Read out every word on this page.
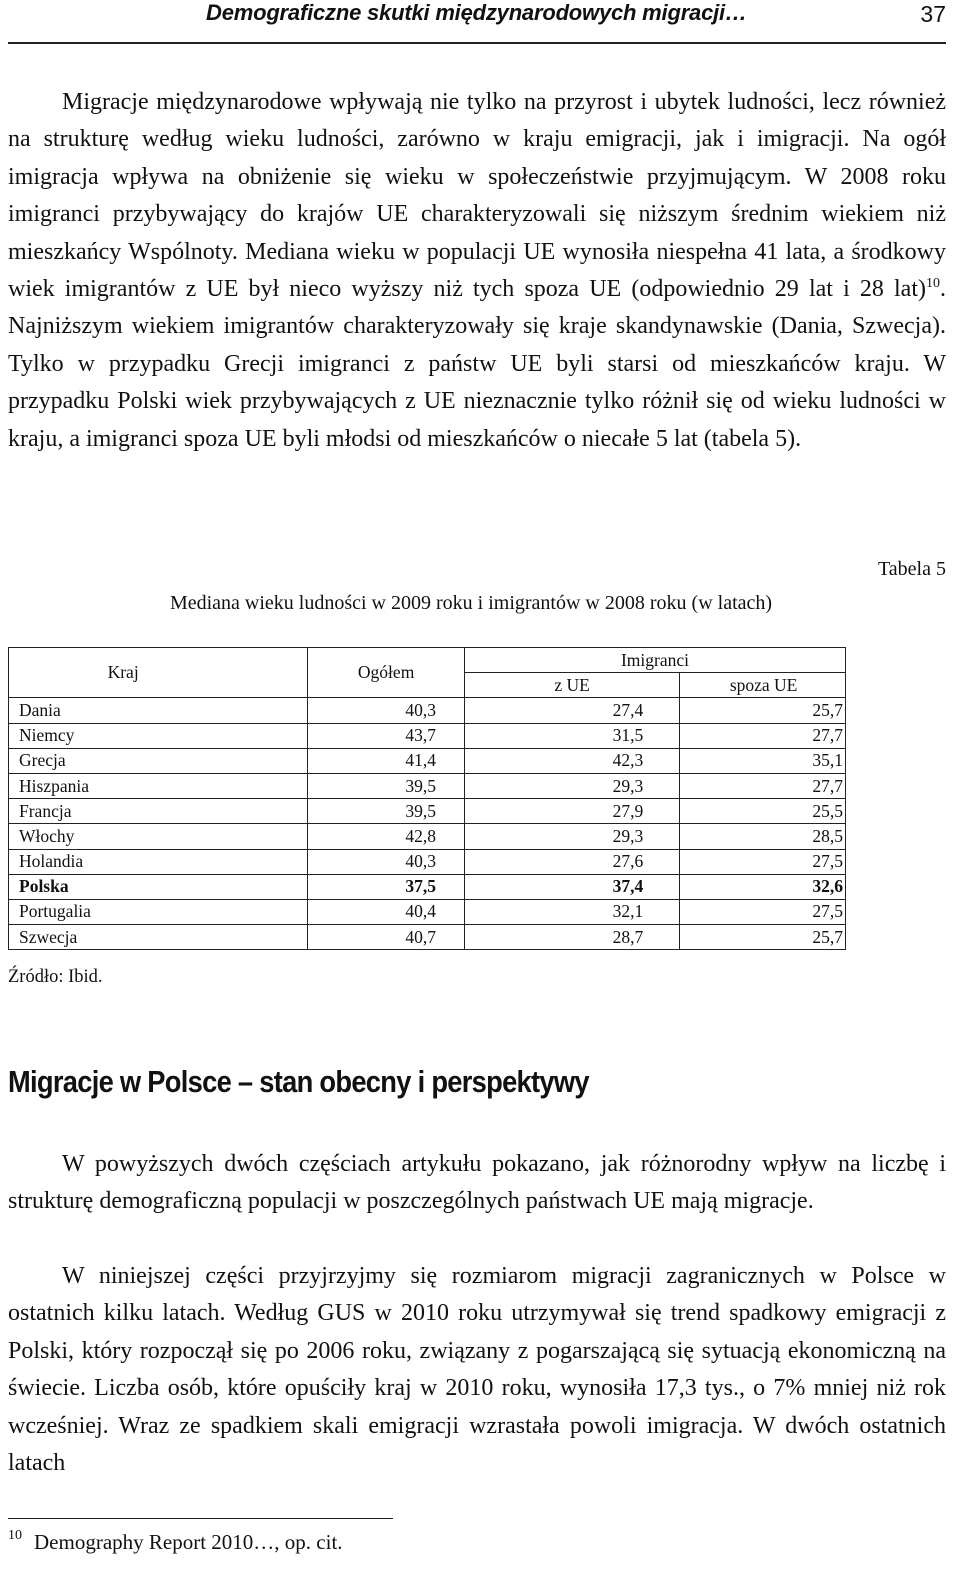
Demograficzne skutki międzynarodowych migracji…	37

Migracje międzynarodowe wpływają nie tylko na przyrost i ubytek ludności, lecz również na strukturę według wieku ludności, zarówno w kraju emigracji, jak i imigracji. Na ogół imigracja wpływa na obniżenie się wieku w społeczeństwie przyjmującym. W 2008 roku imigranci przybywający do krajów UE charakteryzowali się niższym średnim wiekiem niż mieszkańcy Wspólnoty. Mediana wieku w populacji UE wynosiła niespełna 41 lata, a środkowy wiek imigrantów z UE był nieco wyższy niż tych spoza UE (odpowiednio 29 lat i 28 lat)$^{10}$. Najniższym wiekiem imigrantów charakteryzowały się kraje skandynawskie (Dania, Szwecja). Tylko w przypadku Grecji imigranci z państw UE byli starsi od mieszkańców kraju. W przypadku Polski wiek przybywających z UE nieznacznie tylko różnił się od wieku ludności w kraju, a imigranci spoza UE byli młodsi od mieszkańców o niecałe 5 lat (tabela 5).

Tabela 5
Mediana wieku ludności w 2009 roku i imigrantów w 2008 roku (w latach)
Kraj	Ogółem	Imigranci	
		z UE	spoza UE
Dania	40,3	27,4	25,7
Niemcy	43,7	31,5	27,7
Grecja	41,4	42,3	35,1
Hiszpania	39,5	29,3	27,7
Francja	39,5	27,9	25,5
Włochy	42,8	29,3	28,5
Holandia	40,3	27,6	27,5
Polska	37,5	37,4	32,6
Portugalia	40,4	32,1	27,5
Szwecja	40,7	28,7	25,7
Źródło: Ibid.
Migracje w Polsce – stan obecny i perspektywy

W powyższych dwóch częściach artykułu pokazano, jak różnorodny wpływ na liczbę i strukturę demograficzną populacji w poszczególnych państwach UE mają migracje.

W niniejszej części przyjrzyjmy się rozmiarom migracji zagranicznych w Polsce w ostatnich kilku latach. Według GUS w 2010 roku utrzymywał się trend spadkowy emigracji z Polski, który rozpoczął się po 2006 roku, związany z pogarszającą się sytuacją ekonomiczną na świecie. Liczba osób, które opuściły kraj w 2010 roku, wynosiła 17,3 tys., o 7% mniej niż rok wcześniej. Wraz ze spadkiem skali emigracji wzrastała powoli imigracja. W dwóch ostatnich latach

$^{10}$ Demography Report 2010…, op. cit.
